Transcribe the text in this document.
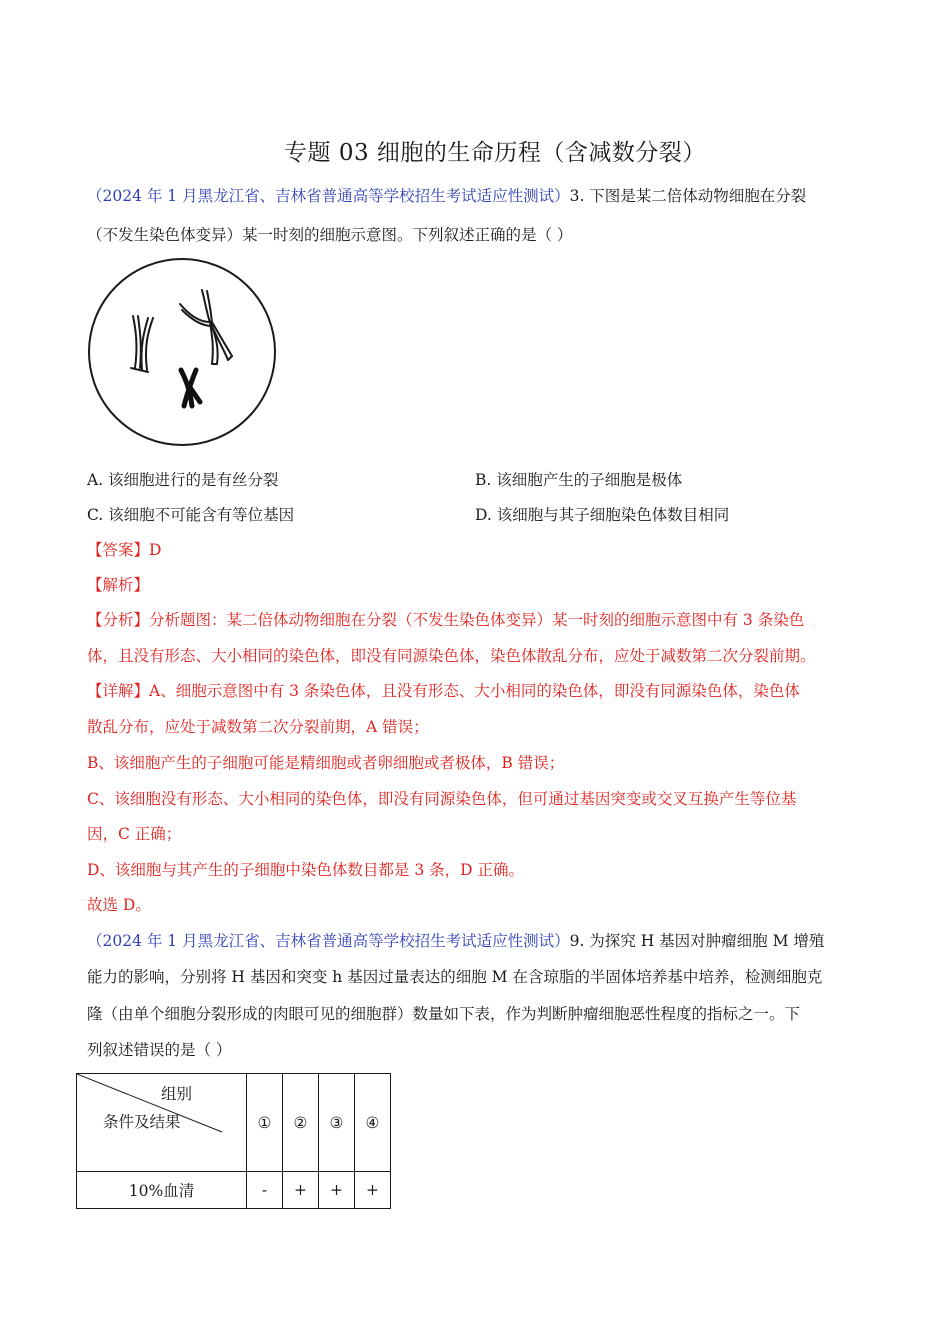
专题 03 细胞的生命历程（含减数分裂）
（2024 年 1 月黑龙江省、吉林省普通高等学校招生考试适应性测试）3. 下图是某二倍体动物细胞在分裂
（不发生染色体变异）某一时刻的细胞示意图。下列叙述正确的是（ ）
A. 该细胞进行的是有丝分裂	B. 该细胞产生的子细胞是极体
C. 该细胞不可能含有等位基因	D. 该细胞与其子细胞染色体数目相同
【答案】D
【解析】
【分析】分析题图：某二倍体动物细胞在分裂（不发生染色体变异）某一时刻的细胞示意图中有 3 条染色
体，且没有形态、大小相同的染色体，即没有同源染色体，染色体散乱分布，应处于减数第二次分裂前期。
【详解】A、细胞示意图中有 3 条染色体，且没有形态、大小相同的染色体，即没有同源染色体，染色体
散乱分布，应处于减数第二次分裂前期，A 错误；
B、该细胞产生的子细胞可能是精细胞或者卵细胞或者极体，B 错误；
C、该细胞没有形态、大小相同的染色体，即没有同源染色体，但可通过基因突变或交叉互换产生等位基
因，C 正确；
D、该细胞与其产生的子细胞中染色体数目都是 3 条，D 正确。
故选 D。
（2024 年 1 月黑龙江省、吉林省普通高等学校招生考试适应性测试）9. 为探究 H 基因对肿瘤细胞 M 增殖
能力的影响，分别将 H 基因和突变 h 基因过量表达的细胞 M 在含琼脂的半固体培养基中培养，检测细胞克
隆（由单个细胞分裂形成的肉眼可见的细胞群）数量如下表，作为判断肿瘤细胞恶性程度的指标之一。下
列叙述错误的是（ ）
组别
条件及结果	①	②	③	④
10%血清	-	+	+	+
